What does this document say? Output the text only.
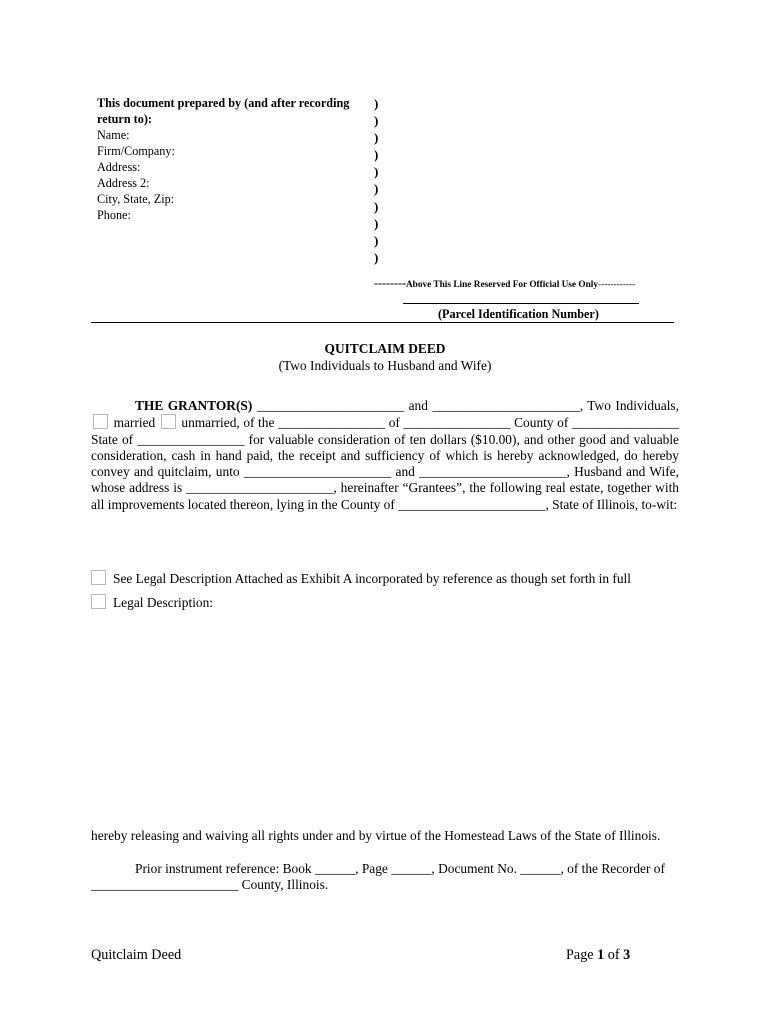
This document prepared by (and after recording return to):
Name:
Firm/Company:
Address:
Address 2:
City, State, Zip:
Phone:
)
)
)
)
)
)
)
)
)
)
--------Above This Line Reserved For Official Use Only------------
(Parcel Identification Number)
QUITCLAIM DEED
(Two Individuals to Husband and Wife)
THE GRANTOR(S) ______________________ and ______________________, Two Individuals,  married unmarried, of the ________________ of ________________ County of ________________ State of ________________ for valuable consideration of ten dollars ($10.00), and other good and valuable consideration, cash in hand paid, the receipt and sufficiency of which is hereby acknowledged, do hereby convey and quitclaim, unto ______________________ and ______________________, Husband and Wife, whose address is ______________________, hereinafter “Grantees”, the following real estate, together with all improvements located thereon, lying in the County of ______________________, State of Illinois, to-wit:
See Legal Description Attached as Exhibit A incorporated by reference as though set forth in full
Legal Description:
hereby releasing and waiving all rights under and by virtue of the Homestead Laws of the State of Illinois.
Prior instrument reference: Book ______, Page ______, Document No. ______, of the Recorder of
______________________ County, Illinois.
Quitclaim Deed	Page 1 of 3
